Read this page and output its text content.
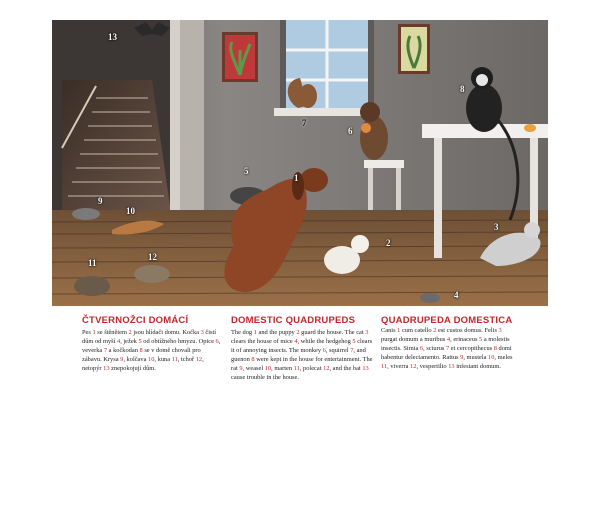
13
8
7
6
5
1
9
10
3
2
11
12
4
ČTVERNOŽCI DOMÁCÍ
Pes 1 se štěnětem 2 jsou hlídači domu. Kočka 3 čistí dům od myší 4, ježek 5 od obtížného hmyzu. Opice 6, veverka 7 a kočkodan 8 se v domě chovali pro zábavu. Krysa 9, kolčava 10, kuna 11, tchoř 12, netopýr 13 znepokojují dům.
DOMESTIC QUADRUPEDS
The dog 1 and the puppy 2 guard the house. The cat 3 clears the house of mice 4, while the hedgehog 5 clears it of annoying insects. The monkey 6, squirrel 7, and guenon 8 were kept in the house for entertainment. The rat 9, weasel 10, marten 11, polecat 12, and the bat 13 cause trouble in the house.
QUADRUPEDA DOMESTICA Canis 1 cum catello 2 est custos domus. Felis 3 purgat domum a muribus 4, erinaceus 5 a molestis insectis. Simia 6, sciurus 7 et cercopithecus 8 domi habentur delectamento. Rattus 9, mustela 10, meles 11, viverra 12, vespertilio 13 infestant domum.
